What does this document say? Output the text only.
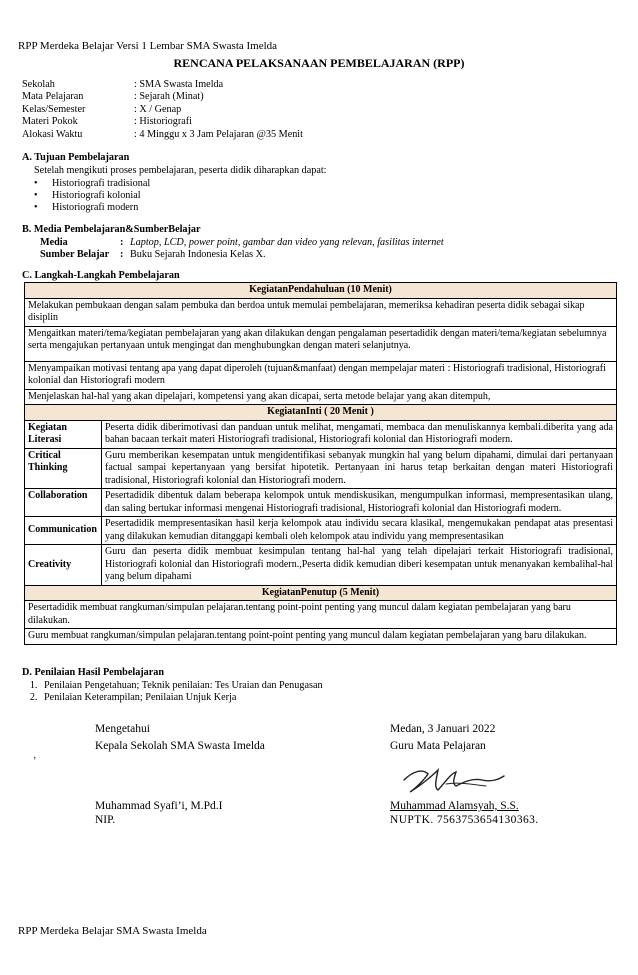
RPP Merdeka Belajar Versi 1 Lembar SMA Swasta Imelda
RENCANA PELAKSANAAN PEMBELAJARAN (RPP)
Sekolah	: SMA Swasta Imelda
Mata Pelajaran	: Sejarah (Minat)
Kelas/Semester	: X / Genap
Materi Pokok	: Historiografi
Alokasi Waktu	: 4 Minggu x 3 Jam Pelajaran @35 Menit
A. Tujuan Pembelajaran
Setelah mengikuti proses pembelajaran, peserta didik diharapkan dapat:
• Historiografi tradisional
• Historiografi kolonial
• Historiografi modern
B. Media Pembelajaran&SumberBelajar
Media	: Laptop, LCD, power point, gambar dan video yang relevan, fasilitas internet
Sumber Belajar	: Buku Sejarah Indonesia Kelas X.
C. Langkah-Langkah Pembelajaran
KegiatanPendahuluan (10 Menit)	
Melakukan pembukaan dengan salam pembuka dan berdoa untuk memulai pembelajaran, memeriksa kehadiran peserta didik sebagai sikap disiplin	
Mengaitkan materi/tema/kegiatan pembelajaran yang akan dilakukan dengan pengalaman pesertadidik dengan materi/tema/kegiatan sebelumnya serta mengajukan pertanyaan untuk mengingat dan menghubungkan dengan materi selanjutnya.	
Menyampaikan motivasi tentang apa yang dapat diperoleh (tujuan&manfaat) dengan mempelajar materi : Historiografi tradisional, Historiografi kolonial dan Historiografi modern	
Menjelaskan hal-hal yang akan dipelajari, kompetensi yang akan dicapai, serta metode belajar yang akan ditempuh,	
KegiatanInti ( 20 Menit )	
Kegiatan Literasi	Peserta didik diberimotivasi dan panduan untuk melihat, mengamati, membaca dan menuliskannya kembali.diberita yang ada bahan bacaan terkait materi Historiografi tradisional, Historiografi kolonial dan Historiografi modern.
Critical Thinking	Guru memberikan kesempatan untuk mengidentifikasi sebanyak mungkin hal yang belum dipahami, dimulai dari pertanyaan factual sampai kepertanyaan yang bersifat hipotetik. Pertanyaan ini harus tetap berkaitan dengan materi Historiografi tradisional, Historiografi kolonial dan Historiografi modern.
Collaboration	Pesertadidik dibentuk dalam beberapa kelompok untuk mendiskusikan, mengumpulkan informasi, mempresentasikan ulang, dan saling bertukar informasi mengenai Historiografi tradisional, Historiografi kolonial dan Historiografi modern.
Communication	Pesertadidik mempresentasikan hasil kerja kelompok atau individu secara klasikal, mengemukakan pendapat atas presentasi yang dilakukan kemudian ditanggapi kembali oleh kelompok atau individu yang mempresentasikan
Creativity	Guru dan peserta didik membuat kesimpulan tentang hal-hal yang telah dipelajari terkait Historiografi tradisional, Historiografi kolonial dan Historiografi modern.,Peserta didik kemudian diberi kesempatan untuk menanyakan kembalihal-hal yang belum dipahami
KegiatanPenutup (5 Menit)	
Pesertadidik membuat rangkuman/simpulan pelajaran.tentang point-point penting yang muncul dalam kegiatan pembelajaran yang baru dilakukan.	
Guru membuat rangkuman/simpulan pelajaran.tentang point-point penting yang muncul dalam kegiatan pembelajaran yang baru dilakukan.	
D. Penilaian Hasil Pembelajaran
1. Penilaian Pengetahuan; Teknik penilaian: Tes Uraian dan Penugasan
2. Penilaian Keterampilan; Penilaian Unjuk Kerja
Mengetahui
Kepala Sekolah SMA Swasta Imelda
Medan, 3 Januari 2022
Guru Mata Pelajaran
’
Muhammad Syafi’i, M.Pd.I
NIP.
Muhammad Alamsyah, S.S.
NUPTK. 7563753654130363.
RPP Merdeka Belajar SMA Swasta Imelda
